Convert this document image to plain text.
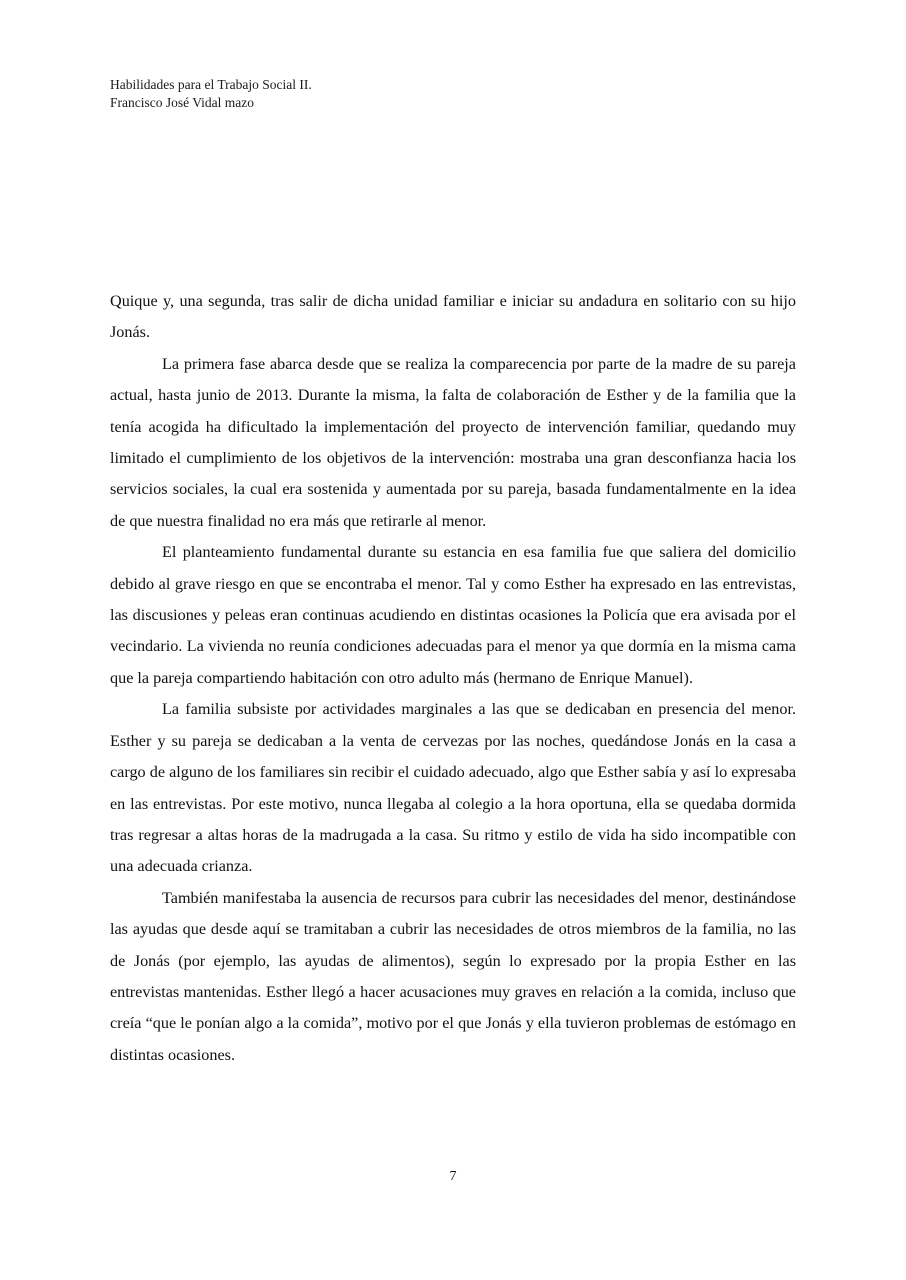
Habilidades para el Trabajo Social II.
Francisco José Vidal mazo

Quique y, una segunda, tras salir de dicha unidad familiar e iniciar su andadura en solitario con su hijo Jonás.

La primera fase abarca desde que se realiza la comparecencia por parte de la madre de su pareja actual, hasta junio de 2013. Durante la misma, la falta de colaboración de Esther y de la familia que la tenía acogida ha dificultado la implementación del proyecto de intervención familiar, quedando muy limitado el cumplimiento de los objetivos de la intervención: mostraba una gran desconfianza hacia los servicios sociales, la cual era sostenida y aumentada por su pareja, basada fundamentalmente en la idea de que nuestra finalidad no era más que retirarle al menor.

El planteamiento fundamental durante su estancia en esa familia fue que saliera del domicilio debido al grave riesgo en que se encontraba el menor. Tal y como Esther ha expresado en las entrevistas, las discusiones y peleas eran continuas acudiendo en distintas ocasiones la Policía que era avisada por el vecindario. La vivienda no reunía condiciones adecuadas para el menor ya que dormía en la misma cama que la pareja compartiendo habitación con otro adulto más (hermano de Enrique Manuel).

La familia subsiste por actividades marginales a las que se dedicaban en presencia del menor. Esther y su pareja se dedicaban a la venta de cervezas por las noches, quedándose Jonás en la casa a cargo de alguno de los familiares sin recibir el cuidado adecuado, algo que Esther sabía y así lo expresaba en las entrevistas. Por este motivo, nunca llegaba al colegio a la hora oportuna, ella se quedaba dormida tras regresar a altas horas de la madrugada a la casa. Su ritmo y estilo de vida ha sido incompatible con una adecuada crianza.

También manifestaba la ausencia de recursos para cubrir las necesidades del menor, destinándose las ayudas que desde aquí se tramitaban a cubrir las necesidades de otros miembros de la familia, no las de Jonás (por ejemplo, las ayudas de alimentos), según lo expresado por la propia Esther en las entrevistas mantenidas. Esther llegó a hacer acusaciones muy graves en relación a la comida, incluso que creía “que le ponían algo a la comida”, motivo por el que Jonás y ella tuvieron problemas de estómago en distintas ocasiones.

7
